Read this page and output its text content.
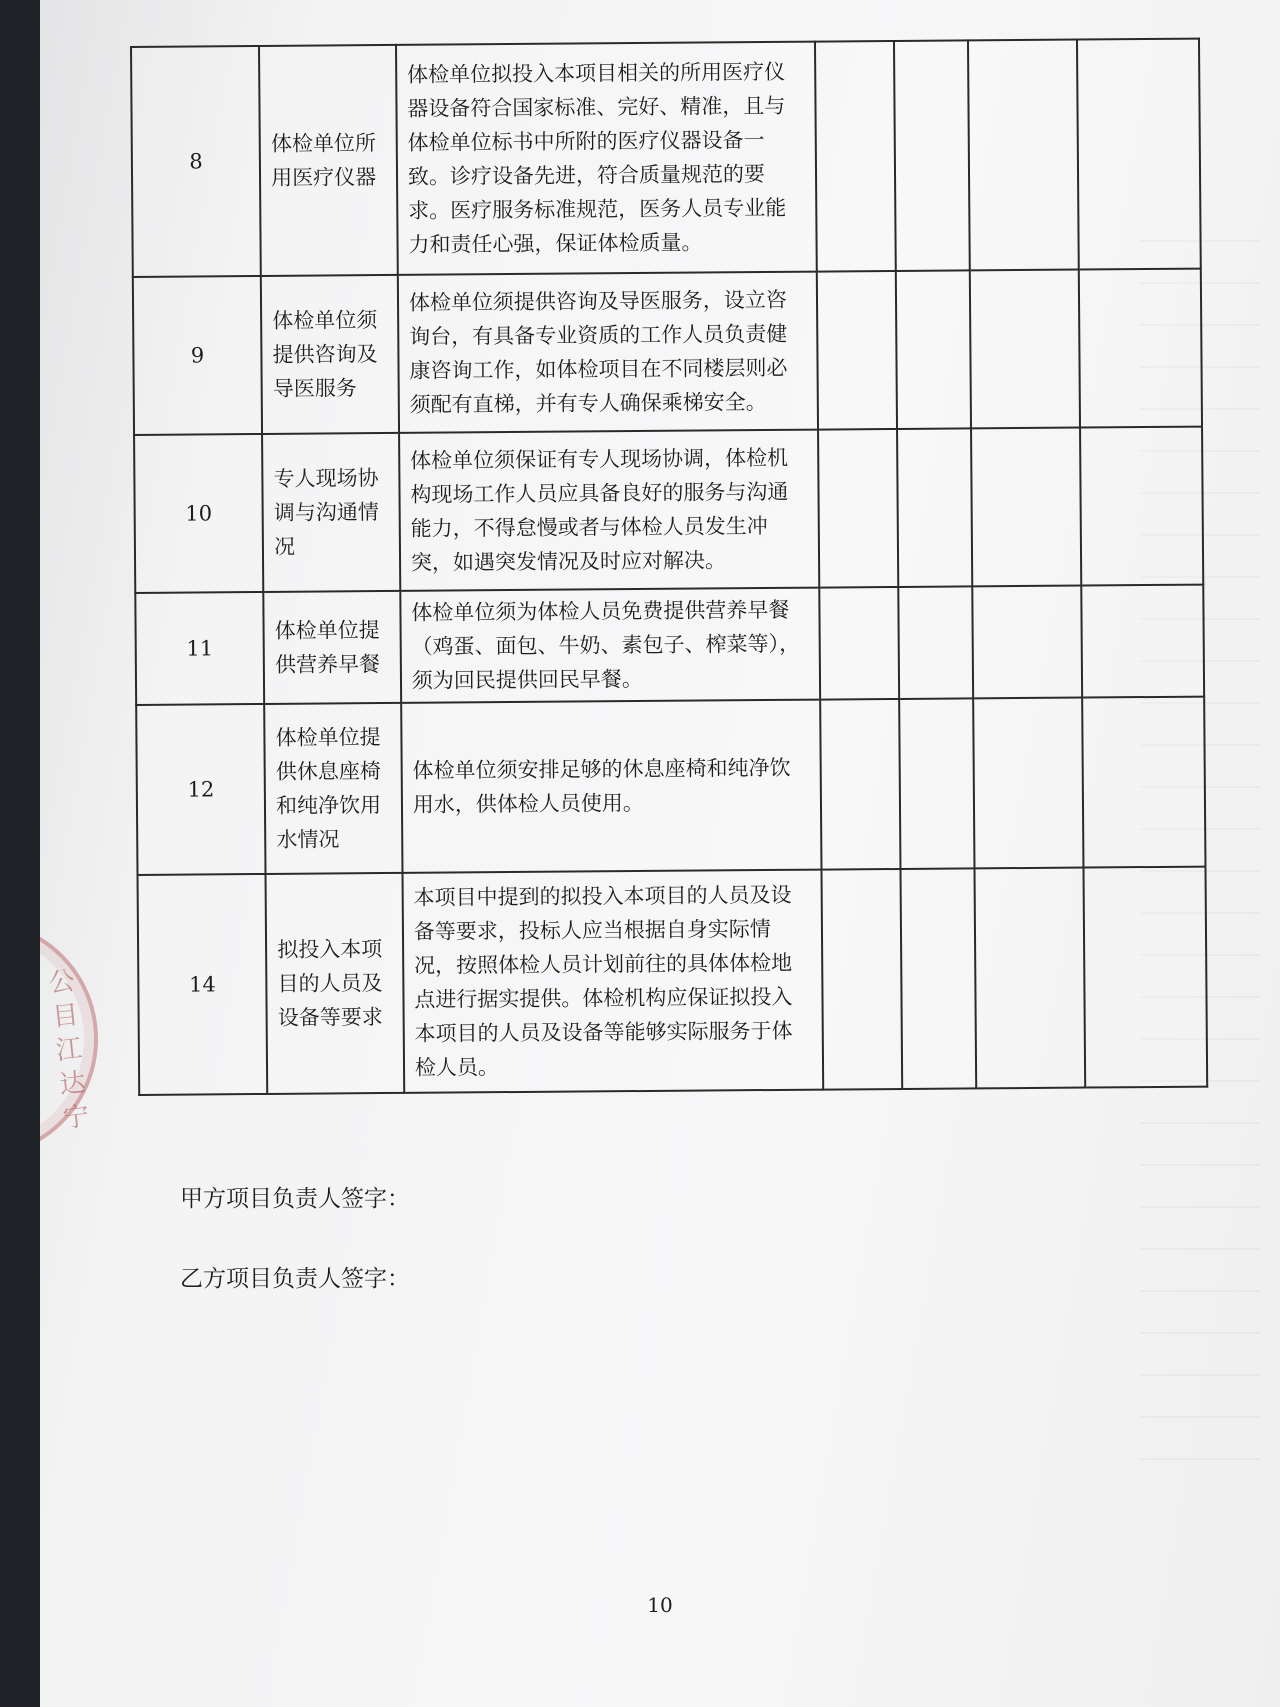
公 目 江 达 宁
8	体检单位所用医疗仪器	体检单位拟投入本项目相关的所用医疗仪器设备符合国家标准、完好、精准，且与体检单位标书中所附的医疗仪器设备一致。诊疗设备先进，符合质量规范的要求。医疗服务标准规范，医务人员专业能力和责任心强，保证体检质量。				
9	体检单位须提供咨询及导医服务	体检单位须提供咨询及导医服务，设立咨询台，有具备专业资质的工作人员负责健康咨询工作，如体检项目在不同楼层则必须配有直梯，并有专人确保乘梯安全。				
10	专人现场协调与沟通情况	体检单位须保证有专人现场协调，体检机构现场工作人员应具备良好的服务与沟通能力，不得怠慢或者与体检人员发生冲突，如遇突发情况及时应对解决。				
11	体检单位提供营养早餐	体检单位须为体检人员免费提供营养早餐（鸡蛋、面包、牛奶、素包子、榨菜等），须为回民提供回民早餐。				
12	体检单位提供休息座椅和纯净饮用水情况	体检单位须安排足够的休息座椅和纯净饮用水，供体检人员使用。				
14	拟投入本项目的人员及设备等要求	本项目中提到的拟投入本项目的人员及设备等要求，投标人应当根据自身实际情况，按照体检人员计划前往的具体体检地点进行据实提供。体检机构应保证拟投入本项目的人员及设备等能够实际服务于体检人员。				
甲方项目负责人签字：
乙方项目负责人签字：
10
